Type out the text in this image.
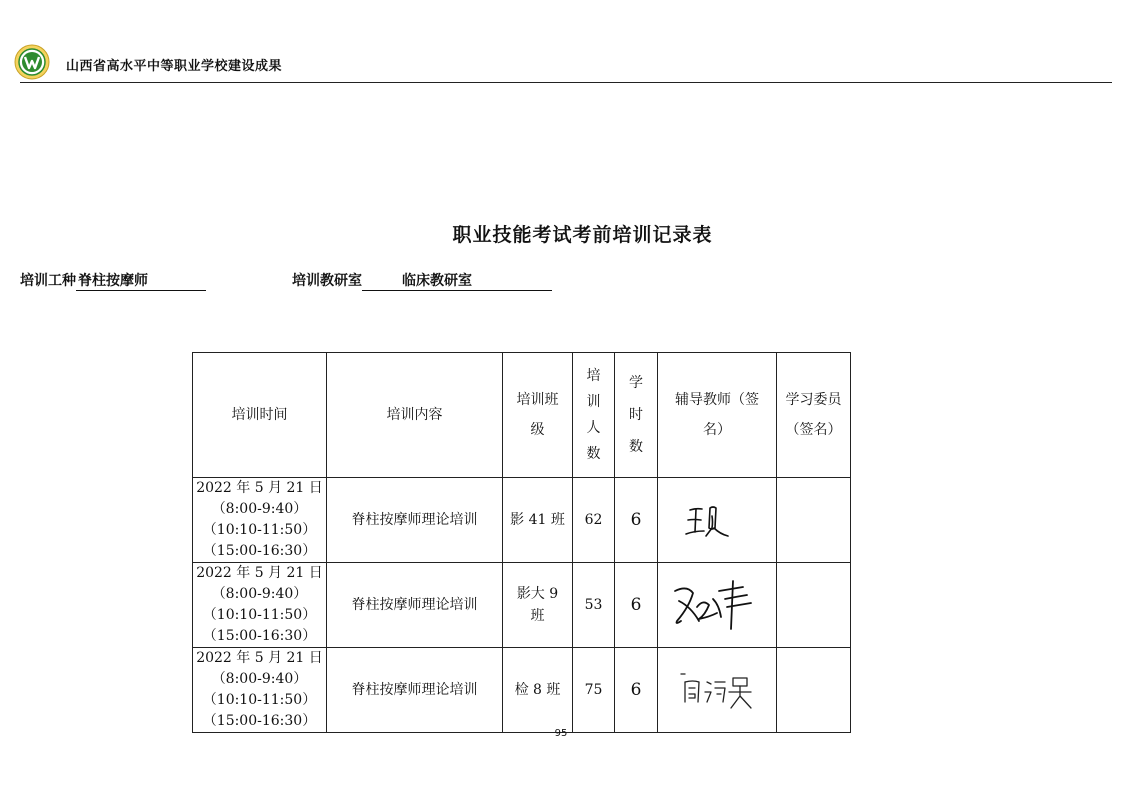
山西省高水平中等职业学校建设成果
职业技能考试考前培训记录表
培训工种 脊柱按摩师	培训教研室	临床教研室
培训时间	培训内容	培训班级	培训人数	学时数	辅导教师（签名）	学习委员（签名）

2022 年 5 月 21 日
（8:00-9:40）
（10:10-11:50）
（15:00-16:30）	脊柱按摩师理论培训	影 41 班	62	6	

2022 年 5 月 21 日
（8:00-9:40）
（10:10-11:50）
（15:00-16:30）	脊柱按摩师理论培训	影大 9 班	53	6	

2022 年 5 月 21 日
（8:00-9:40）
（10:10-11:50）
（15:00-16:30）	脊柱按摩师理论培训	检 8 班	75	6	

95
